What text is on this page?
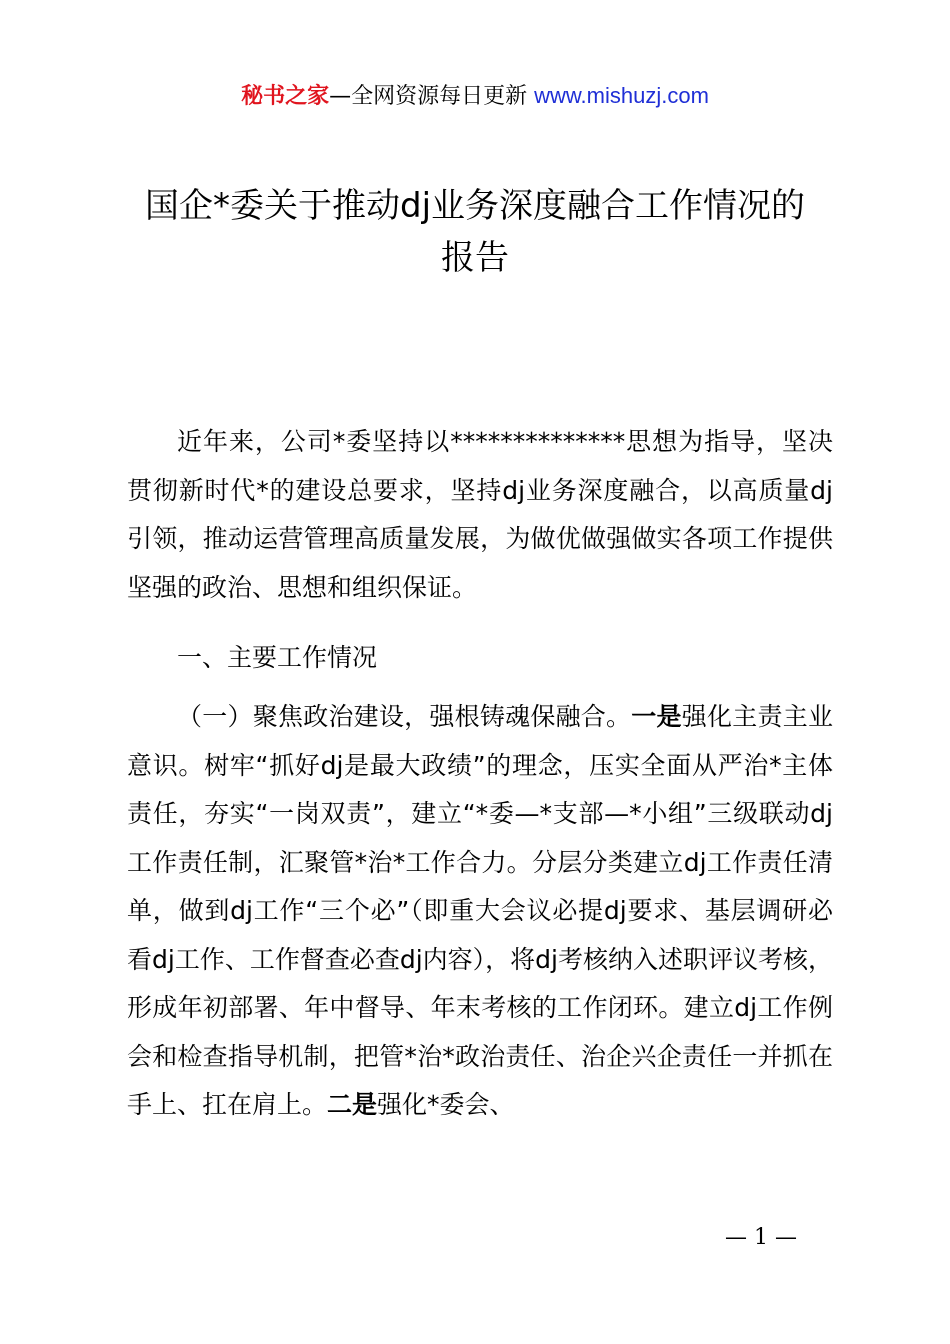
秘书之家—全网资源每日更新 www.mishuzj.com
国企*委关于推动dj业务深度融合工作情况的
报告

近年来，公司*委坚持以**************思想为指导，坚决贯彻新时代*的建设总要求，坚持dj业务深度融合，以高质量dj引领，推动运营管理高质量发展，为做优做强做实各项工作提供坚强的政治、思想和组织保证。

一、主要工作情况

（一）聚焦政治建设，强根铸魂保融合。一是强化主责主业意识。树牢“抓好dj是最大政绩”的理念，压实全面从严治*主体责任，夯实“一岗双责”，建立“*委—*支部—*小组”三级联动dj工作责任制，汇聚管*治*工作合力。分层分类建立dj工作责任清单，做到dj工作“三个必”（即重大会议必提dj要求、基层调研必看dj工作、工作督查必查dj内容），将dj考核纳入述职评议考核，形成年初部署、年中督导、年末考核的工作闭环。建立dj工作例会和检查指导机制，把管*治*政治责任、治企兴企责任一并抓在手上、扛在肩上。二是强化*委会、

— 1 —
